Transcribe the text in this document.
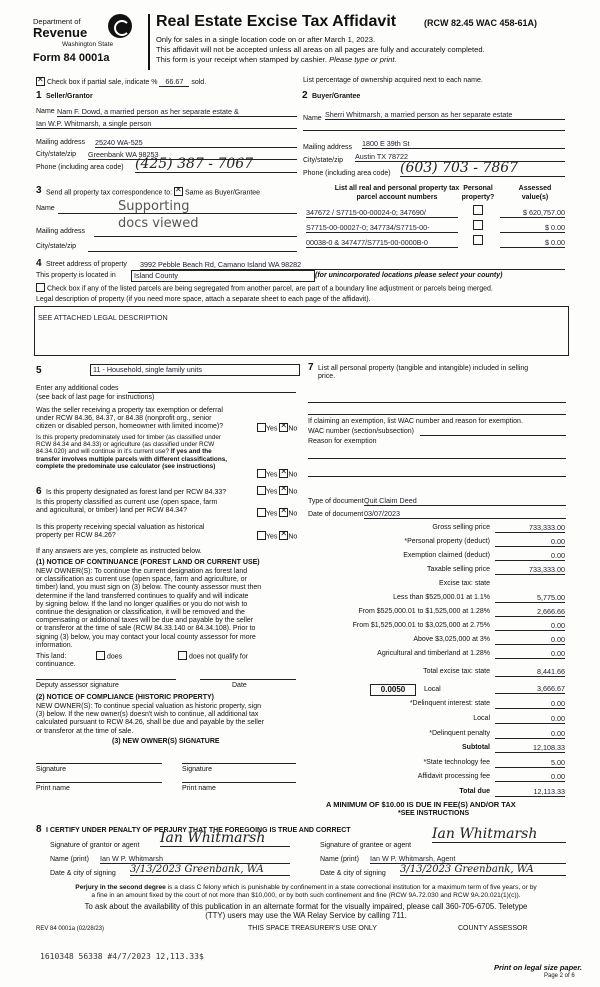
Department of
Revenue
Washington State
Form 84 0001a
Real Estate Excise Tax Affidavit	(RCW 82.45 WAC 458-61A)
Only for sales in a single location code on or after March 1, 2023.
This affidavit will not be accepted unless all areas on all pages are fully and accurately completed.
This form is your receipt when stamped by cashier. Please type or print.
✕ Check box if partial sale, indicate % 66.67 sold.	List percentage of ownership acquired next to each name.
1 Seller/Grantor
Name Nam F. Dowd, a married person as her separate estate &
Ian W.P. Whitmarsh, a single person
Mailing address 25240 WA-525
City/state/zip Greenbank WA 98253
Phone (including area code) (425) 387 - 7067
2 Buyer/Grantee
Name Sherri Whitmarsh, a married person as her separate estate
Mailing address 1800 E 39th St
City/state/zip Austin TX 78722
Phone (including area code) (603) 703 - 7867
3 Send all property tax correspondence to: ✕ Same as Buyer/Grantee
Name	Supporting
docs viewed
Mailing address
City/state/zip
List all real and personal property tax
parcel account numbers
Personal
property?
Assessed
value(s)
347672 / S7715-00-00024-0; 347690/	$ 620,757.00
S7715-00-00027-0; 347734/S7715-00-	$ 0.00
00038-0 & 347477/S7715-00-0000B-0	$ 0.00
4 Street address of property 3992 Pebble Beach Rd, Camano Island WA 98282
This property is located in	Island County	(for unincorporated locations please select your county)
Check box if any of the listed parcels are being segregated from another parcel, are part of a boundary line adjustment or parcels being merged.
Legal description of property (if you need more space, attach a separate sheet to each page of the affidavit).
SEE ATTACHED LEGAL DESCRIPTION
5	11 - Household, single family units
Enter any additional codes
(see back of last page for instructions)
Was the seller receiving a property tax exemption or deferral
under RCW 84.36, 84.37, or 84.38 (nonprofit org., senior
citizen or disabled person, homeowner with limited income)?	Yes ✕ No
Is this property predominately used for timber (as classified under
RCW 84.34 and 84.33) or agriculture (as classified under RCW
84.34.020) and will continue in it's current use? If yes and the
transfer involves multiple parcels with different classifications,
complete the predominate use calculator (see instructions)
Yes ✕ No
6 Is this property designated as forest land per RCW 84.33?	Yes ✕ No
Is this property classified as current use (open space, farm
and agricultural, or timber) land per RCW 84.34?	Yes ✕ No
Is this property receiving special valuation as historical
property per RCW 84.26?	Yes ✕ No
If any answers are yes, complete as instructed below.
(1) NOTICE OF CONTINUANCE (FOREST LAND OR CURRENT USE)
NEW OWNER(S): To continue the current designation as forest land
or classification as current use (open space, farm and agriculture, or
timber) land, you must sign on (3) below. The county assessor must then
determine if the land transferred continues to qualify and will indicate
by signing below. If the land no longer qualifies or you do not wish to
continue the designation or classification, it will be removed and the
compensating or additional taxes will be due and payable by the seller
or transferor at the time of sale (RCW 84.33.140 or 84.34.108). Prior to
signing (3) below, you may contact your local county assessor for more
information.
This land:
continuance.
does	does not qualify for
Deputy assessor signature	Date
(2) NOTICE OF COMPLIANCE (HISTORIC PROPERTY)
NEW OWNER(S): To continue special valuation as historic property, sign
(3) below. If the new owner(s) doesn't wish to continue, all additional tax
calculated pursuant to RCW 84.26, shall be due and payable by the seller
or transferor at the time of sale.
(3) NEW OWNER(S) SIGNATURE
Signature	Signature
Print name	Print name
7 List all personal property (tangible and intangible) included in selling
price.
If claiming an exemption, list WAC number and reason for exemption.
WAC number (section/subsection)
Reason for exemption
Type of document Quit Claim Deed
Date of document 03/07/2023
Gross selling price	733,333.00
*Personal property (deduct)	0.00
Exemption claimed (deduct)	0.00
Taxable selling price	733,333.00
Excise tax: state
Less than $525,000.01 at 1.1%	5,775.00
From $525,000.01 to $1,525,000 at 1.28%	2,666.66
From $1,525,000.01 to $3,025,000 at 2.75%	0.00
Above $3,025,000 at 3%	0.00
Agricultural and timberland at 1.28%	0.00
Total excise tax: state	8,441.66
*Delinquent interest: state	0.00
Local	0.00
*Delinquent penalty	0.00
Subtotal	12,108.33
*State technology fee	5.00
Affidavit processing fee	0.00
Total due	12,113.33
0.0050	Local	3,666.67
A MINIMUM OF $10.00 IS DUE IN FEE(S) AND/OR TAX
*SEE INSTRUCTIONS
8 I CERTIFY UNDER PENALTY OF PERJURY THAT THE FOREGOING IS TRUE AND CORRECT
Signature of grantor or agent Ian Whitmarsh
Name (print) Ian W P. Whitmarsh
Date & city of signing 3/13/2023 Greenbank, WA
Signature of grantee or agent
Ian Whitmarsh
Name (print) Ian W P. Whitmarsh, Agent
Date & city of signing 3/13/2023 Greenbank, WA
Perjury in the second degree is a class C felony which is punishable by confinement in a state correctional institution for a maximum term of five years, or by
a fine in an amount fixed by the court of not more than $10,000, or by both such confinement and fine (RCW 9A.72.030 and RCW 9A.20.021(1)(c)).
To ask about the availability of this publication in an alternate format for the visually impaired, please call 360-705-6705. Teletype
(TTY) users may use the WA Relay Service by calling 711.
REV 84 0001a (02/28/23)	THIS SPACE TREASURER'S USE ONLY	COUNTY ASSESSOR
1610348 56338 #4/7/2023 12,113.33$
Print on legal size paper.
Page 2 of 6
